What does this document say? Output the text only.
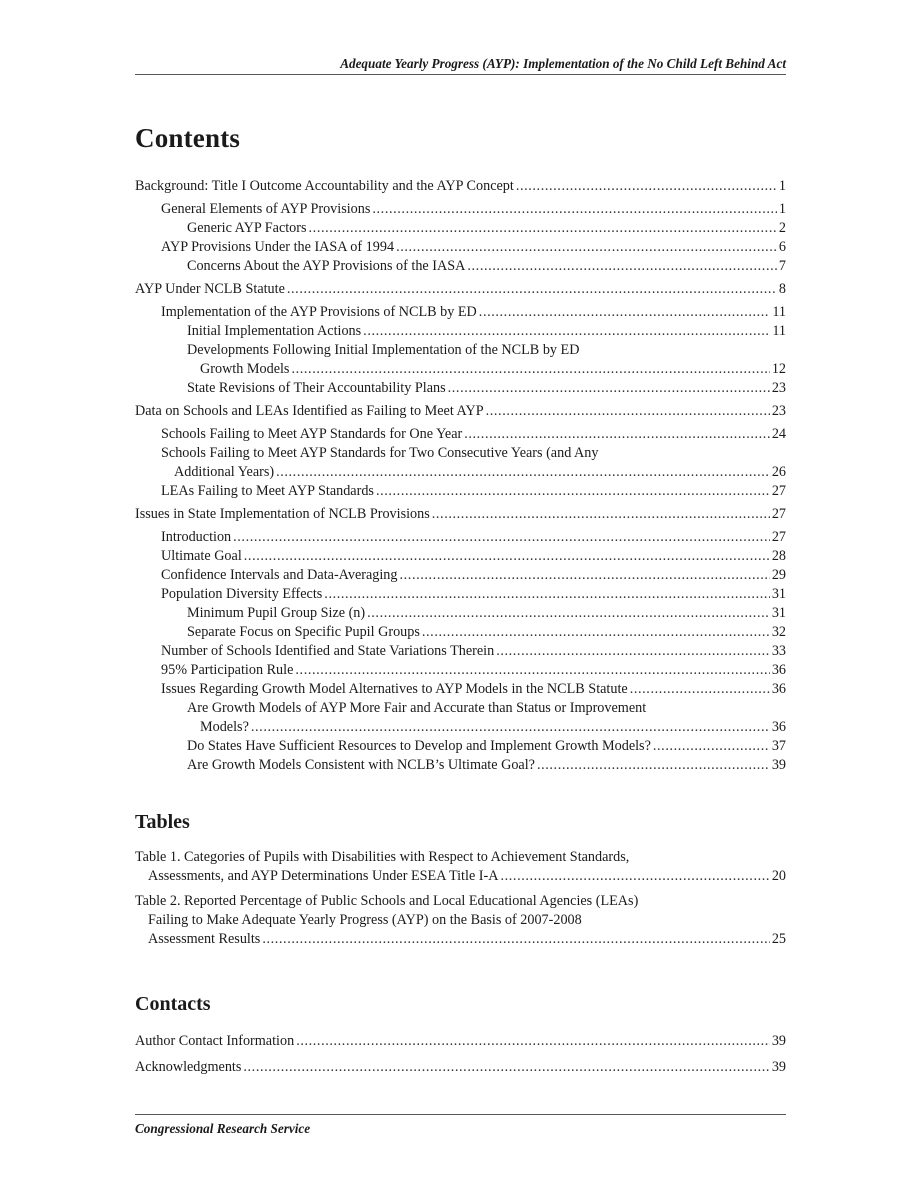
Adequate Yearly Progress (AYP): Implementation of the No Child Left Behind Act
Contents
Background: Title I Outcome Accountability and the AYP Concept .....	1
General Elements of AYP Provisions .....	1
Generic AYP Factors .....	2
AYP Provisions Under the IASA of 1994 .....	6
Concerns About the AYP Provisions of the IASA .....	7
AYP Under NCLB Statute .....	8
Implementation of the AYP Provisions of NCLB by ED .....	11
Initial Implementation Actions .....	11
Developments Following Initial Implementation of the NCLB by ED
Growth Models .....	12
State Revisions of Their Accountability Plans .....	23
Data on Schools and LEAs Identified as Failing to Meet AYP .....	23
Schools Failing to Meet AYP Standards for One Year .....	24
Schools Failing to Meet AYP Standards for Two Consecutive Years (and Any
Additional Years) .....	26
LEAs Failing to Meet AYP Standards .....	27
Issues in State Implementation of NCLB Provisions .....	27
Introduction .....	27
Ultimate Goal .....	28
Confidence Intervals and Data-Averaging .....	29
Population Diversity Effects .....	31
Minimum Pupil Group Size (n) .....	31
Separate Focus on Specific Pupil Groups .....	32
Number of Schools Identified and State Variations Therein .....	33
95% Participation Rule .....	36
Issues Regarding Growth Model Alternatives to AYP Models in the NCLB Statute .....	36
Are Growth Models of AYP More Fair and Accurate than Status or Improvement
Models? .....	36
Do States Have Sufficient Resources to Develop and Implement Growth Models? .....	37
Are Growth Models Consistent with NCLB’s Ultimate Goal? .....	39
Tables
Table 1. Categories of Pupils with Disabilities with Respect to Achievement Standards,
Assessments, and AYP Determinations Under ESEA Title I-A .....	20
Table 2. Reported Percentage of Public Schools and Local Educational Agencies (LEAs)
Failing to Make Adequate Yearly Progress (AYP) on the Basis of 2007-2008
Assessment Results .....	25
Contacts
Author Contact Information .....	39
Acknowledgments .....	39
Congressional Research Service
